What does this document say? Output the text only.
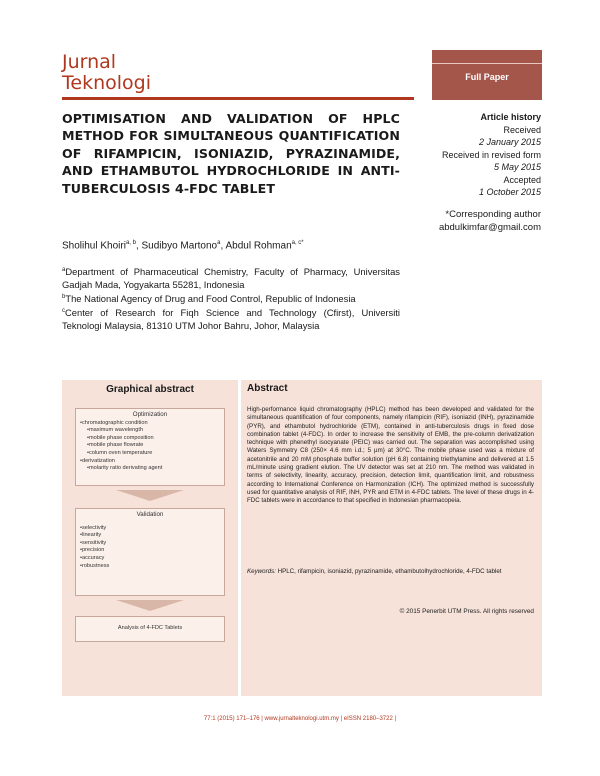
Jurnal
Teknologi	Full Paper
OPTIMISATION AND VALIDATION OF HPLC METHOD FOR SIMULTANEOUS QUANTIFICATION OF RIFAMPICIN, ISONIAZID, PYRAZINAMIDE, AND ETHAMBUTOL HYDROCHLORIDE IN ANTI-TUBERCULOSIS 4-FDC TABLET
Article history
Received
2 January 2015
Received in revised form
5 May 2015
Accepted
1 October 2015
*Corresponding author
abdulkimfar@gmail.com
Sholihul Khoiri$^{a, b}$, Sudibyo Martono$^a$, Abdul Rohman$^{a, c*}$
$^a$Department of Pharmaceutical Chemistry, Faculty of Pharmacy, Universitas Gadjah Mada, Yogyakarta 55281, Indonesia
$^b$The National Agency of Drug and Food Control, Republic of Indonesia
$^c$Center of Research for Fiqh Science and Technology (Cfirst), Universiti Teknologi Malaysia, 81310 UTM Johor Bahru, Johor, Malaysia
Graphical abstract
Optimization
•chromatographic condition
•maximum wavelength
•mobile phase composition
•mobile phase flowrate
•column oven temperature
•derivatization
•molarity ratio derivating agent
Validation
•selectivity
•linearity
•sensitivity
•precision
•accuracy
•robustness
Analysis of 4-FDC Tablets
Abstract
High-performance liquid chromatography (HPLC) method has been developed and validated for the simultaneous quantification of four components, namely rifampicin (RIF), isoniazid (INH), pyrazinamide (PYR), and ethambutol hydrochloride (ETM), contained in anti-tuberculosis drugs in fixed dose combination tablet (4-FDC). In order to increase the sensitivity of EMB, the pre-column derivatization technique with phenethyl isocyanate (PEIC) was carried out. The separation was accomplished using Waters Symmetry C8 (250× 4.6 mm i.d.; 5 µm) at 30°C. The mobile phase used was a mixture of acetonitrile and 20 mM phosphate buffer solution (pH 6.8) containing triethylamine and delivered at 1.5 mL/minute using gradient elution. The UV detector was set at 210 nm. The method was validated in terms of selectivity, linearity, accuracy, precision, detection limit, quantification limit, and robustness according to International Conference on Harmonization (ICH). The optimized method is successfully used for quantitative analysis of RIF, INH, PYR and ETM in 4-FDC tablets. The level of these drugs in 4-FDC tablets were in accordance to that specified in Indonesian pharmacopeia.
Keywords: HPLC, rifampicin, isoniazid, pyrazinamide, ethambutolhydrochloride, 4-FDC tablet
© 2015 Penerbit UTM Press. All rights reserved
77:1 (2015) 171–176 | www.jurnalteknologi.utm.my | eISSN 2180–3722 |
